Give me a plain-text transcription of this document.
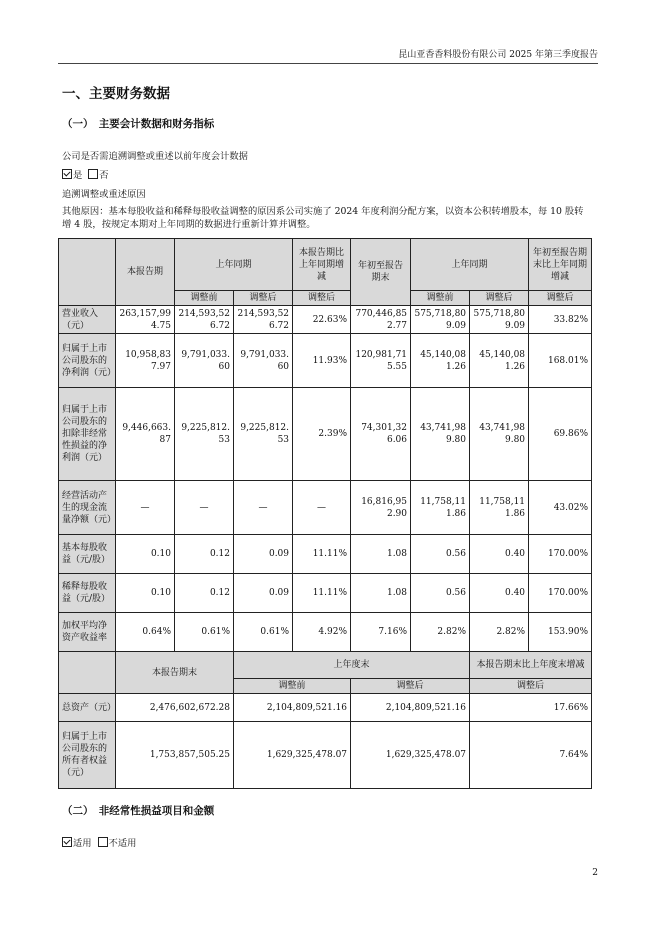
昆山亚香香料股份有限公司 2025 年第三季度报告
一、主要财务数据
（一）　主要会计数据和财务指标
公司是否需追溯调整或重述以前年度会计数据
是 否
追溯调整或重述原因
其他原因：基本每股收益和稀释每股收益调整的原因系公司实施了 2024 年度利润分配方案，以资本公积转增股本，每 10 股转增 4 股，按规定本期对上年同期的数据进行重新计算并调整。
	本报告期	上年同期		本报告期比上年同期增减	年初至报告期末	上年同期		年初至报告期末比上年同期增减
		调整前	调整后	调整后		调整前	调整后	调整后
营业收入（元）	263,157,994.75	214,593,526.72	214,593,526.72	22.63%	770,446,852.77	575,718,809.09	575,718,809.09	33.82%
归属于上市公司股东的净利润（元）	10,958,837.97	9,791,033.60	9,791,033.60	11.93%	120,981,715.55	45,140,081.26	45,140,081.26	168.01%
归属于上市公司股东的扣除非经常性损益的净利润（元）	9,446,663.87	9,225,812.53	9,225,812.53	2.39%	74,301,326.06	43,741,989.80	43,741,989.80	69.86%
经营活动产生的现金流量净额（元）	—	—	—	—	16,816,952.90	11,758,111.86	11,758,111.86	43.02%
基本每股收益（元/股）	0.10	0.12	0.09	11.11%	1.08	0.56	0.40	170.00%
稀释每股收益（元/股）	0.10	0.12	0.09	11.11%	1.08	0.56	0.40	170.00%
加权平均净资产收益率	0.64%	0.61%	0.61%	4.92%	7.16%	2.82%	2.82%	153.90%
	本报告期末		上年度末				本报告期末比上年度末增减	
			调整前		调整后		调整后	
总资产（元）	2,476,602,672.28		2,104,809,521.16		2,104,809,521.16		17.66%	
归属于上市公司股东的所有者权益（元）	1,753,857,505.25		1,629,325,478.07		1,629,325,478.07		7.64%	
（二）　非经常性损益项目和金额
适用 不适用
2
